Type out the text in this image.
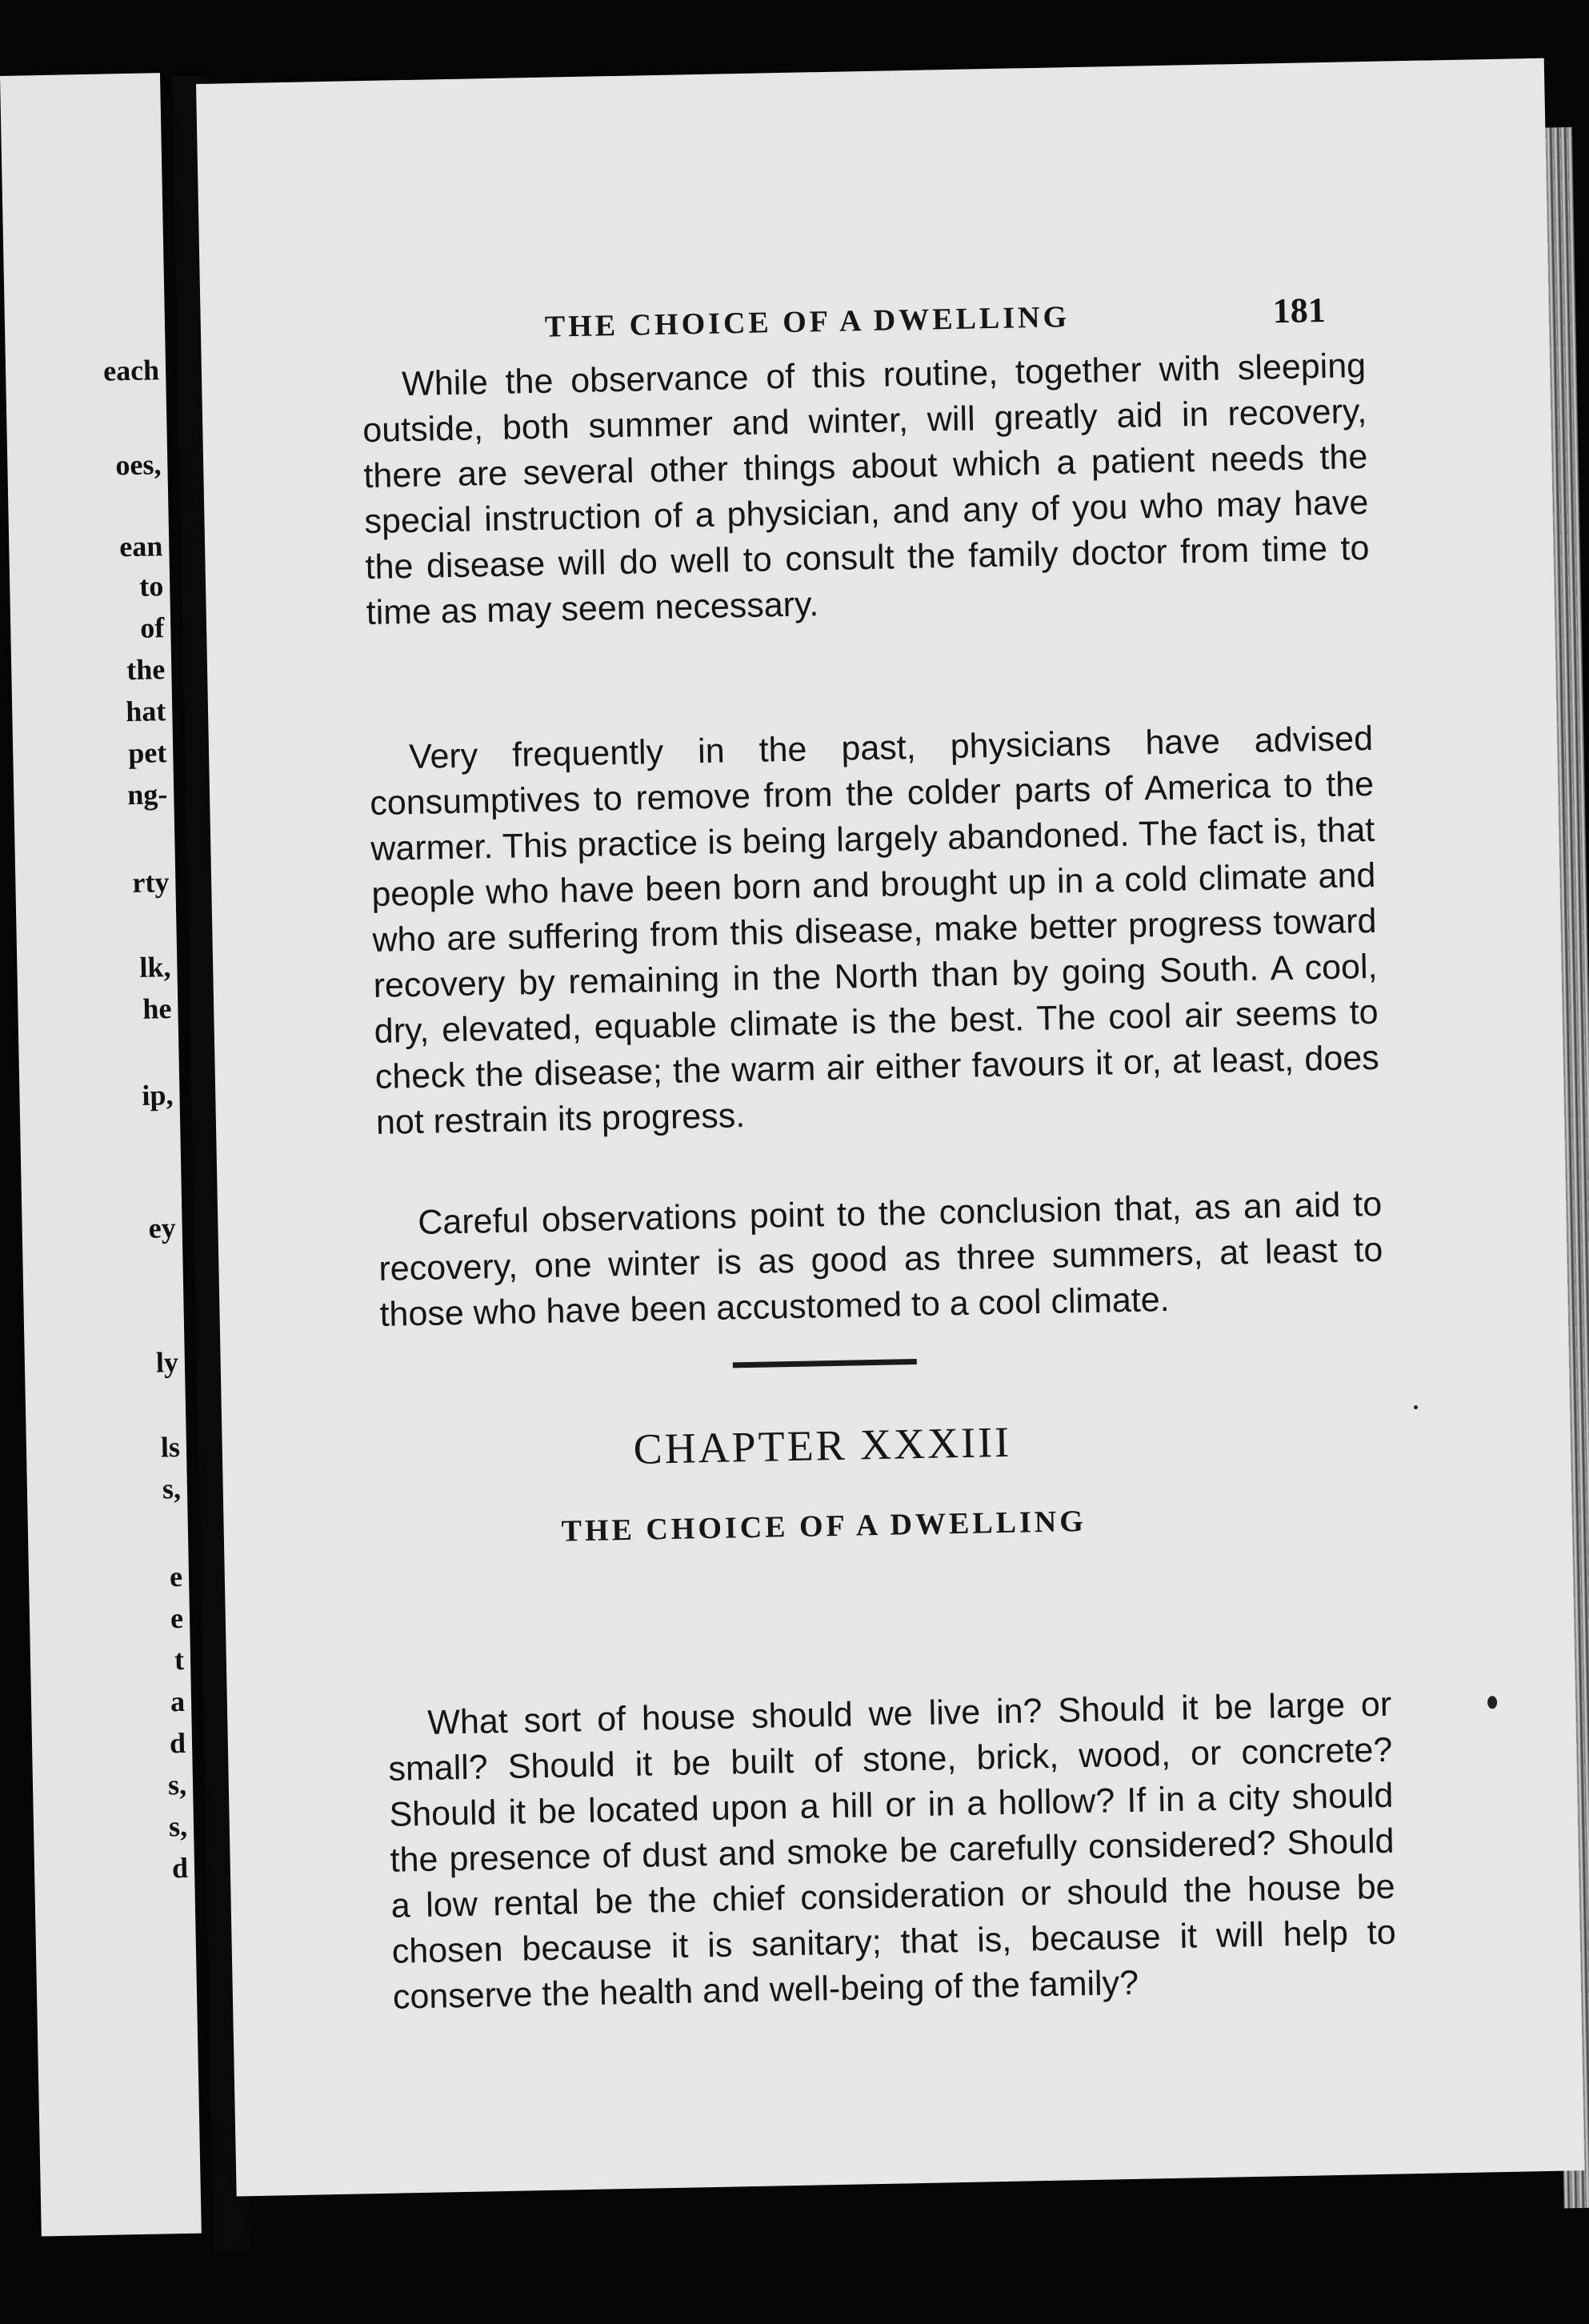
each
oes,
ean
to
of
the
hat
pet
ng-
rty
lk,
he
ip,
ey
ly
ls
s,
e
e
t
a
d
s,
s,
d
THE CHOICE OF A DWELLING	181

While the observance of this routine, together with sleeping outside, both summer and winter, will greatly aid in recovery, there are several other things about which a patient needs the special instruction of a physician, and any of you who may have the disease will do well to consult the family doctor from time to time as may seem necessary.

Very frequently in the past, physicians have advised consumptives to remove from the colder parts of America to the warmer. This practice is being largely abandoned. The fact is, that people who have been born and brought up in a cold climate and who are suffering from this disease, make better progress toward recovery by remaining in the North than by going South. A cool, dry, elevated, equable climate is the best. The cool air seems to check the disease; the warm air either favours it or, at least, does not restrain its progress.

Careful observations point to the conclusion that, as an aid to recovery, one winter is as good as three summers, at least to those who have been accustomed to a cool climate.

CHAPTER XXXIII
THE CHOICE OF A DWELLING

What sort of house should we live in? Should it be large or small? Should it be built of stone, brick, wood, or concrete? Should it be located upon a hill or in a hollow? If in a city should the presence of dust and smoke be carefully considered? Should a low rental be the chief consideration or should the house be chosen because it is sanitary; that is, because it will help to conserve the health and well-being of the family?
